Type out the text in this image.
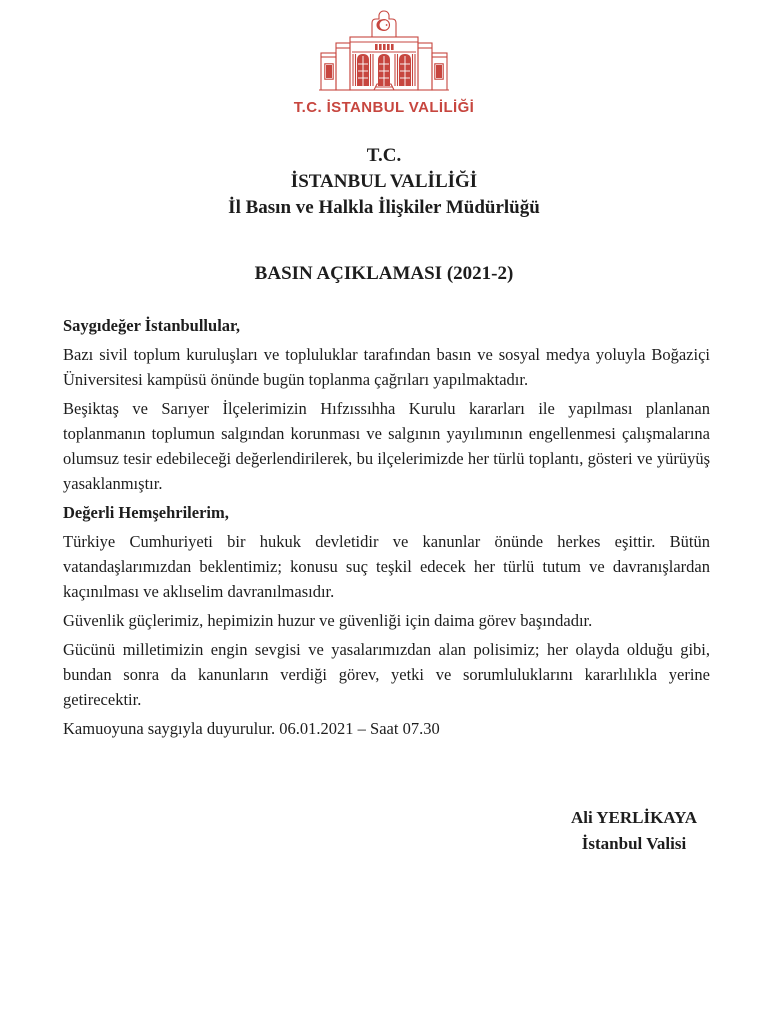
T.C. İSTANBUL VALİLİĞİ
T.C.
İSTANBUL VALİLİĞİ
İl Basın ve Halkla İlişkiler Müdürlüğü
BASIN AÇIKLAMASI (2021-2)

Saygıdeğer İstanbullular,

Bazı sivil toplum kuruluşları ve topluluklar tarafından basın ve sosyal medya yoluyla Boğaziçi Üniversitesi kampüsü önünde bugün toplanma çağrıları yapılmaktadır.

Beşiktaş ve Sarıyer İlçelerimizin Hıfzıssıhha Kurulu kararları ile yapılması planlanan toplanmanın toplumun salgından korunması ve salgının yayılımının engellenmesi çalışmalarına olumsuz tesir edebileceği değerlendirilerek, bu ilçelerimizde her türlü toplantı, gösteri ve yürüyüş yasaklanmıştır.

Değerli Hemşehrilerim,

Türkiye Cumhuriyeti bir hukuk devletidir ve kanunlar önünde herkes eşittir. Bütün vatandaşlarımızdan beklentimiz; konusu suç teşkil edecek her türlü tutum ve davranışlardan kaçınılması ve aklıselim davranılmasıdır.

Güvenlik güçlerimiz, hepimizin huzur ve güvenliği için daima görev başındadır.

Gücünü milletimizin engin sevgisi ve yasalarımızdan alan polisimiz; her olayda olduğu gibi, bundan sonra da kanunların verdiği görev, yetki ve sorumluluklarını kararlılıkla yerine getirecektir.

Kamuoyuna saygıyla duyurulur. 06.01.2021 – Saat 07.30

Ali YERLİKAYA
İstanbul Valisi
